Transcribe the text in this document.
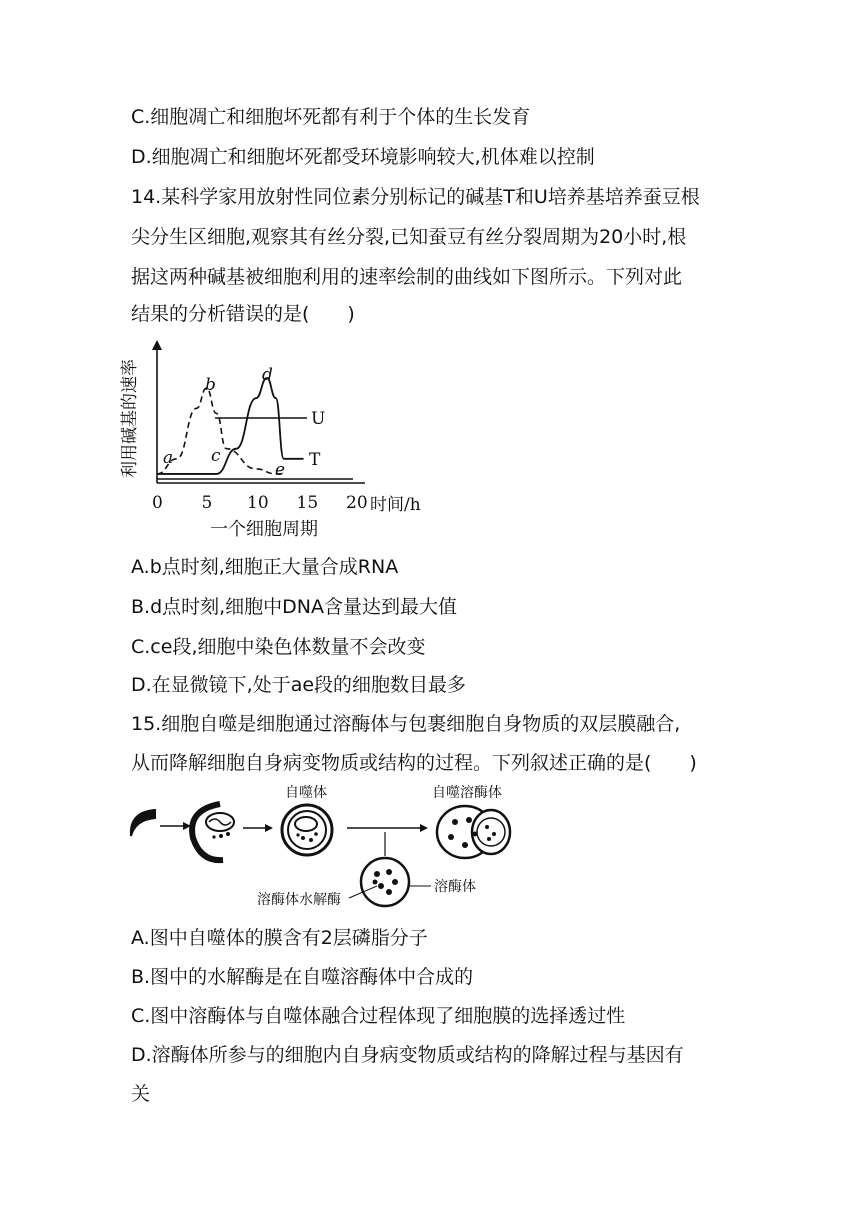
C.细胞凋亡和细胞坏死都有利于个体的生长发育
D.细胞凋亡和细胞坏死都受环境影响较大,机体难以控制
14.某科学家用放射性同位素分别标记的碱基T和U培养基培养蚕豆根
尖分生区细胞,观察其有丝分裂,已知蚕豆有丝分裂周期为20小时,根
据这两种碱基被细胞利用的速率绘制的曲线如下图所示。下列对此
结果的分析错误的是(　　)
利用碱基的速率
0 5 10 15 20 时间/h
a
b
c
d
e
U
T
一个细胞周期
A.b点时刻,细胞正大量合成RNA
B.d点时刻,细胞中DNA含量达到最大值
C.ce段,细胞中染色体数量不会改变
D.在显微镜下,处于ae段的细胞数目最多
15.细胞自噬是细胞通过溶酶体与包裹细胞自身物质的双层膜融合,
从而降解细胞自身病变物质或结构的过程。下列叙述正确的是(　　)
自噬体	自噬溶酶体
溶酶体水解酶
溶酶体
A.图中自噬体的膜含有2层磷脂分子
B.图中的水解酶是在自噬溶酶体中合成的
C.图中溶酶体与自噬体融合过程体现了细胞膜的选择透过性
D.溶酶体所参与的细胞内自身病变物质或结构的降解过程与基因有
关
